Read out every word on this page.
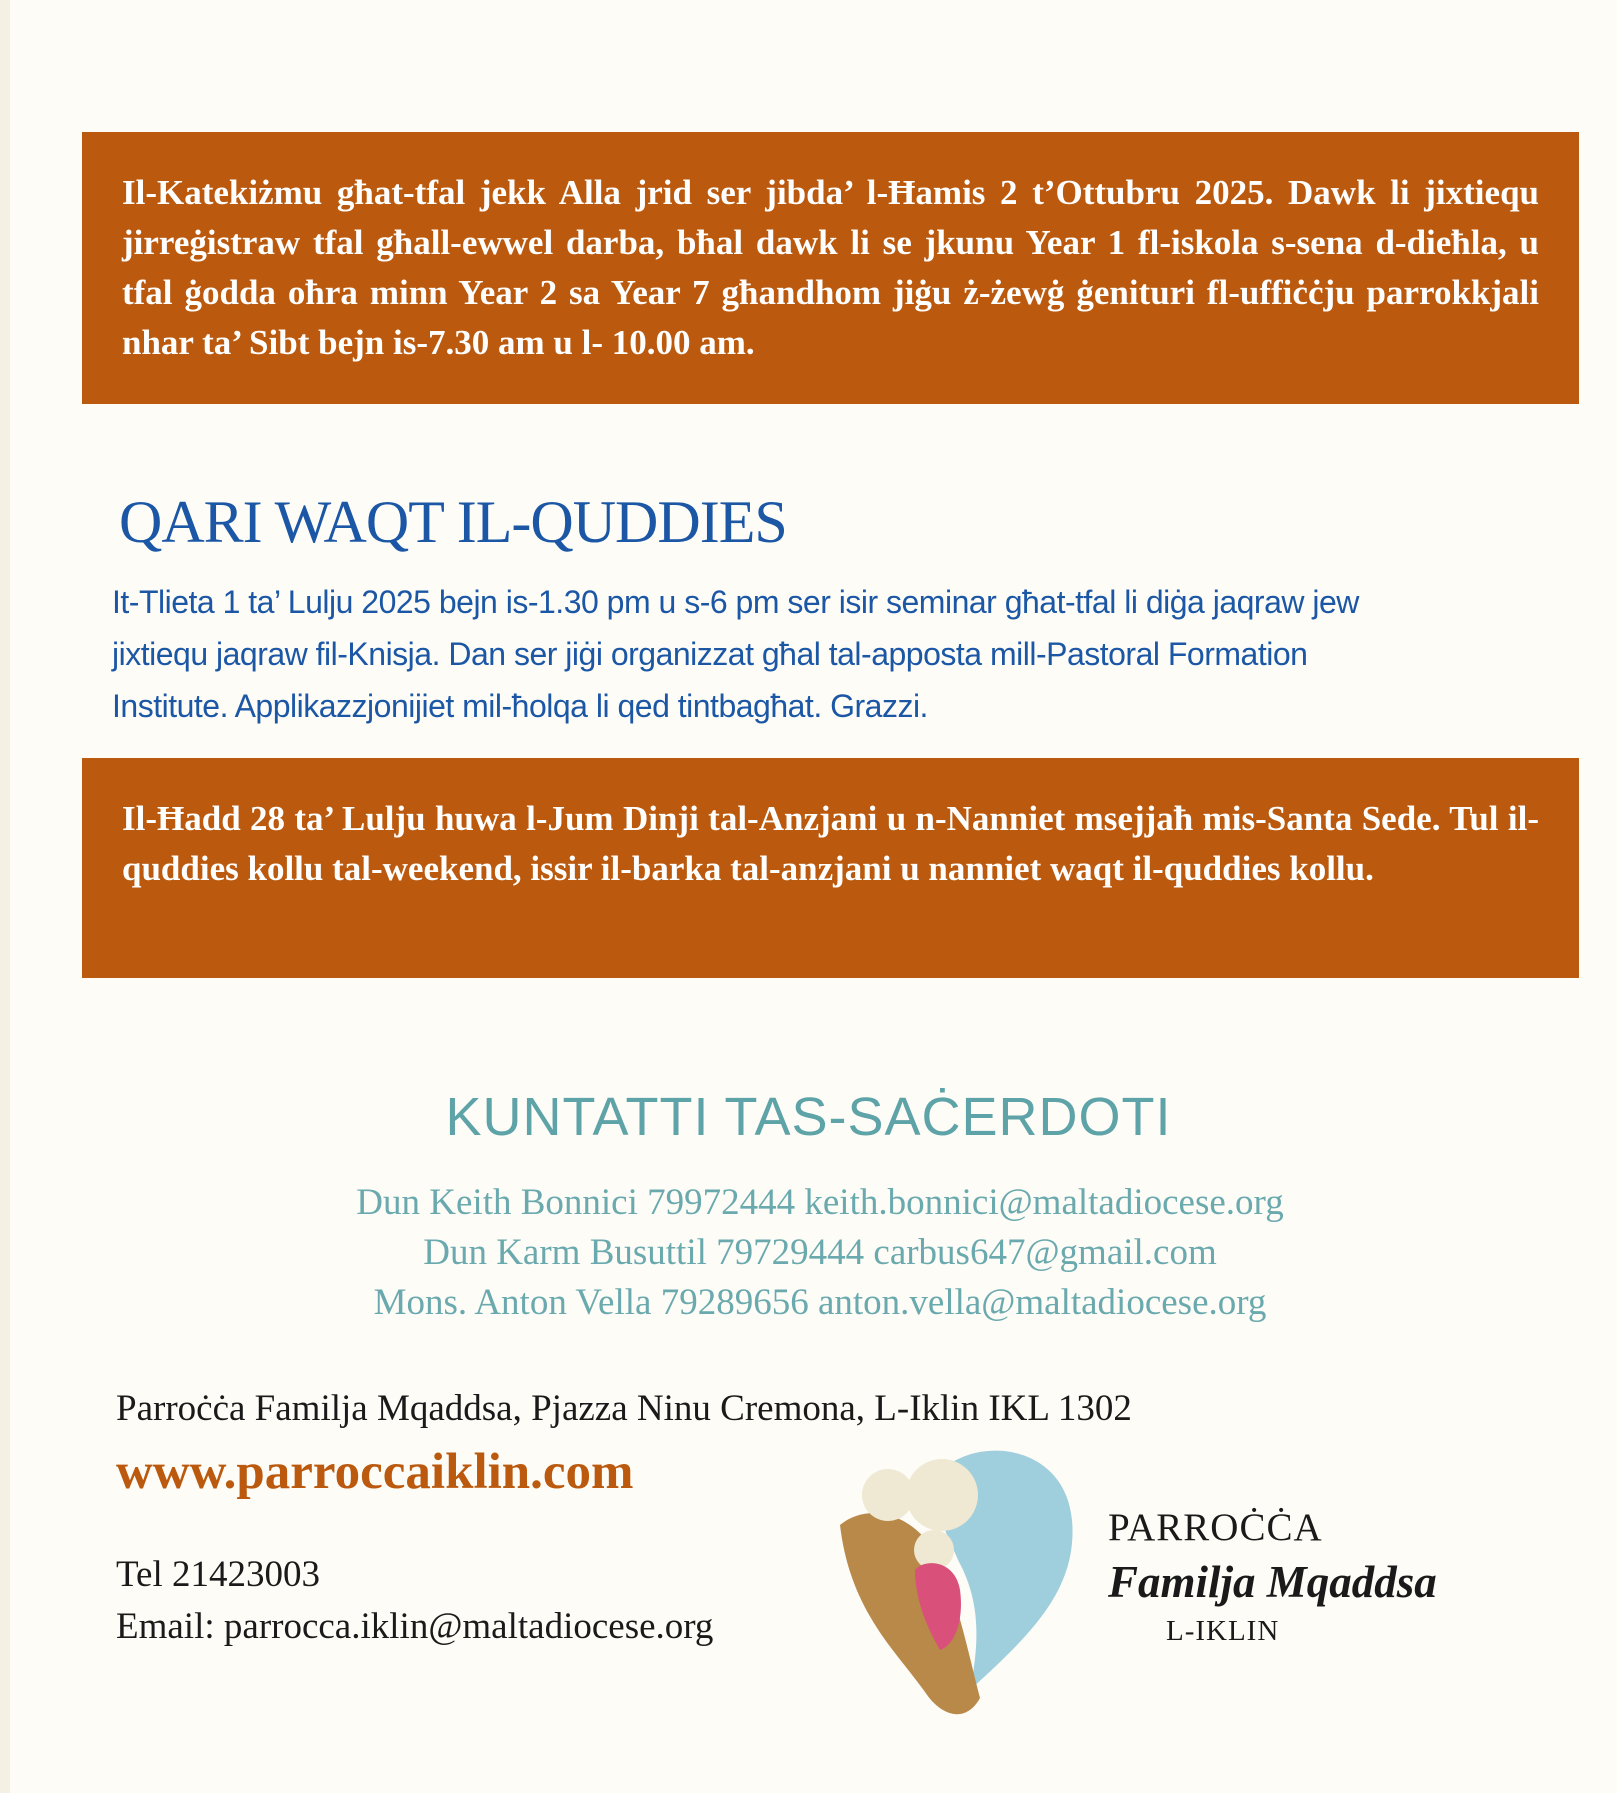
Il-Katekiżmu għat-tfal jekk Alla jrid ser jibda’ l-Ħamis 2 t’Ottubru 2025. Dawk li jixtiequ jirreġistraw tfal għall-ewwel darba, bħal dawk li se jkunu Year 1 fl-iskola s-sena d-dieħla, u tfal ġodda oħra minn Year 2 sa Year 7 għandhom jiġu ż-żewġ ġenituri fl-uffiċċju parrokkjali nhar ta’ Sibt bejn is-7.30 am u l- 10.00 am.

QARI WAQT IL-QUDDIES
It-Tlieta 1 ta’ Lulju 2025 bejn is-1.30 pm u s-6 pm ser isir seminar għat-tfal li diġa jaqraw jew
jixtiequ jaqraw fil-Knisja. Dan ser jiġi organizzat għal tal-apposta mill-Pastoral Formation
Institute. Applikazzjonijiet mil-ħolqa li qed tintbagħat. Grazzi.

Il-Ħadd 28 ta’ Lulju huwa l-Jum Dinji tal-Anzjani u n-Nanniet msejjaħ mis-Santa Sede. Tul il-quddies kollu tal-weekend, issir il-barka tal-anzjani u nanniet waqt il-quddies kollu.

KUNTATTI TAS-SAĊERDOTI
Dun Keith Bonnici 79972444 keith.bonnici@maltadiocese.org
Dun Karm Busuttil 79729444 carbus647@gmail.com
Mons. Anton Vella 79289656 anton.vella@maltadiocese.org
Parroċċa Familja Mqaddsa, Pjazza Ninu Cremona, L-Iklin IKL 1302
www.parroccaiklin.com
Tel 21423003
Email: parrocca.iklin@maltadiocese.org
PARROĊĊA
Familja Mqaddsa
L-IKLIN
